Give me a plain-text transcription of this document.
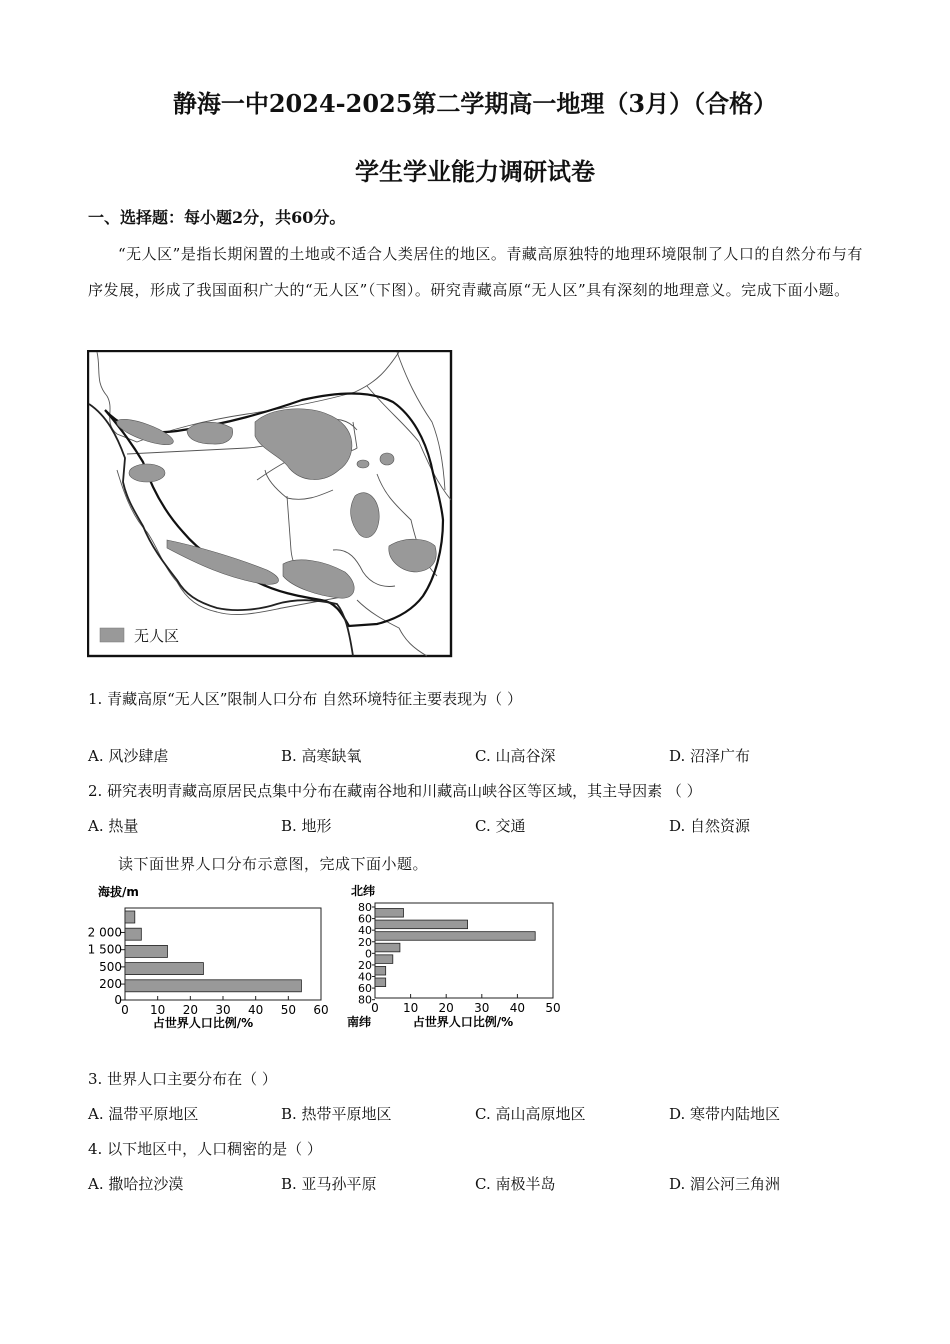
静海一中2024-2025第二学期高一地理（3月）（合格）
学生学业能力调研试卷
一、选择题：每小题2分，共60分。
“无人区”是指长期闲置的土地或不适合人类居住的地区。青藏高原独特的地理环境限制了人口的自然分布与有序发展，形成了我国面积广大的“无人区”（下图）。研究青藏高原“无人区”具有深刻的地理意义。完成下面小题。
无人区
1. 青藏高原“无人区”限制人口分布 自然环境特征主要表现为（ ）
A. 风沙肆虐	B. 高寒缺氧	C. 山高谷深	D. 沼泽广布
2. 研究表明青藏高原居民点集中分布在藏南谷地和川藏高山峡谷区等区域，其主导因素 （ ）
A. 热量	B. 地形	C. 交通	D. 自然资源
读下面世界人口分布示意图，完成下面小题。
海拔/m
2 000
1 500
500
200
0
0 10 20 30 40 50 60
占世界人口比例/%
北纬
80
60
40
20
0
20
40
60
80
0 10 20 30 40 50
南纬	占世界人口比例/%
3. 世界人口主要分布在（ ）
A. 温带平原地区	B. 热带平原地区	C. 高山高原地区	D. 寒带内陆地区
4. 以下地区中，人口稠密的是（ ）
A. 撒哈拉沙漠	B. 亚马孙平原	C. 南极半岛	D. 湄公河三角洲
